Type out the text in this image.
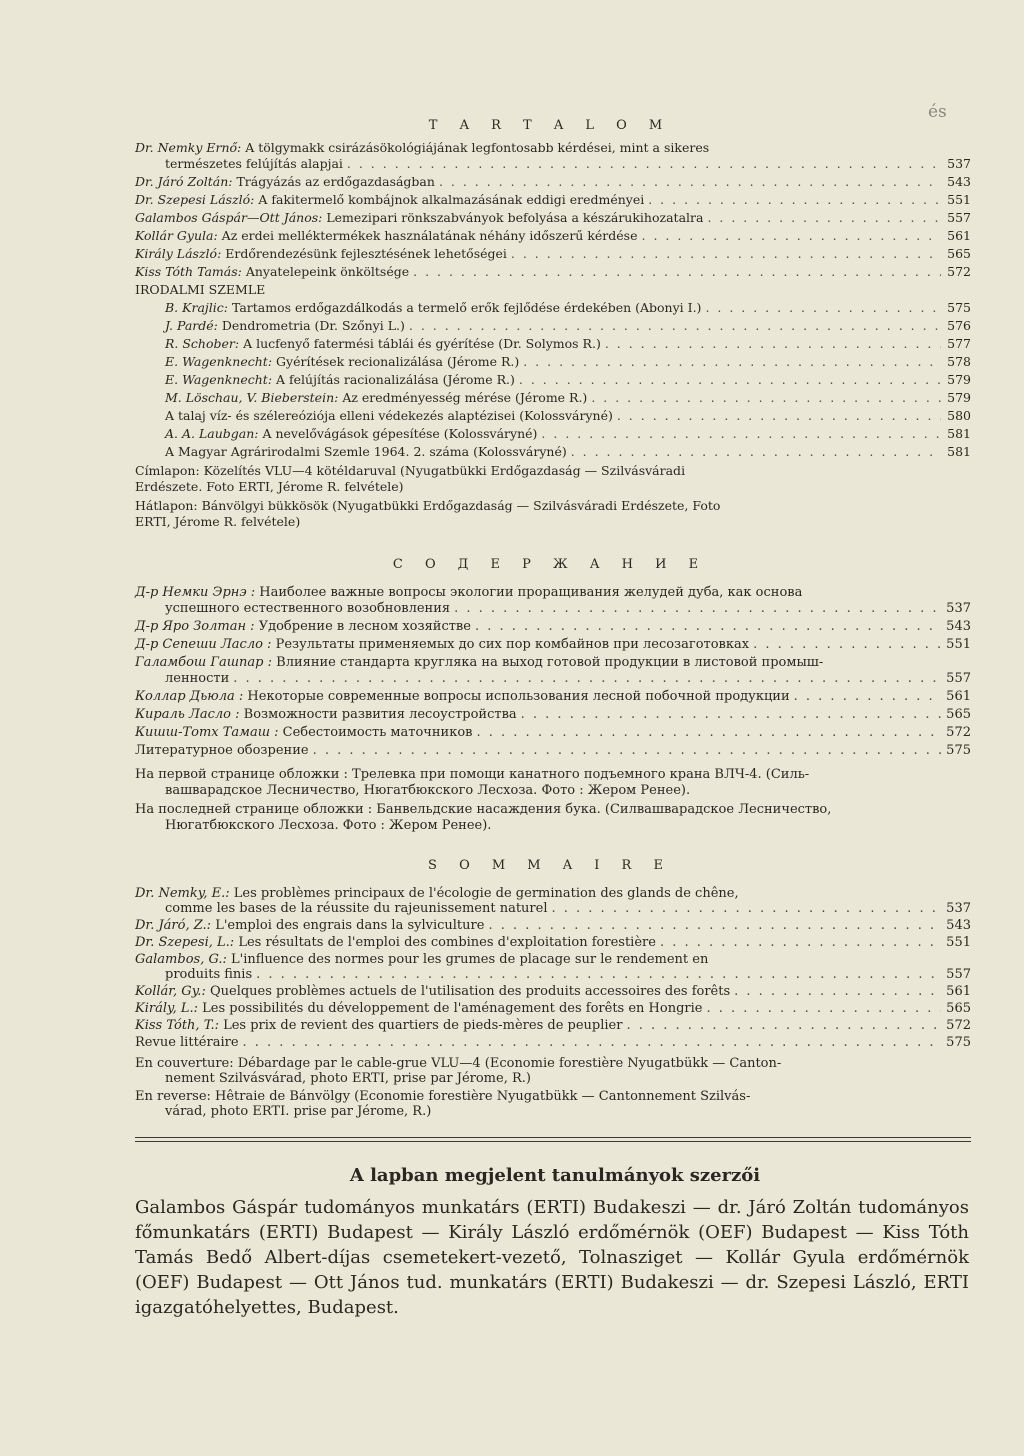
és
T A R T A L O M
Dr. Nemky Ernő: A tölgymakk csirázásökológiájának legfontosabb kérdései, mint a sikeres
természetes felújítás alapjai . . .	537
Dr. Járó Zoltán: Trágyázás az erdőgazdaságban . . .	543
Dr. Szepesi László: A fakitermelő kombájnok alkalmazásának eddigi eredményei . . .	551
Galambos Gáspár—Ott János: Lemezipari rönkszabványok befolyása a készárukihozatalra . . .	557
Kollár Gyula: Az erdei melléktermékek használatának néhány időszerű kérdése . . .	561
Király László: Erdőrendezésünk fejlesztésének lehetőségei . . .	565
Kiss Tóth Tamás: Anyatelepeink önköltsége . . .	572
IRODALMI SZEMLE
B. Krajlic: Tartamos erdőgazdálkodás a termelő erők fejlődése érdekében (Abonyi I.) . . .	575
J. Pardé: Dendrometria (Dr. Szőnyi L.) . . .	576
R. Schober: A lucfenyő fatermési táblái és gyérítése (Dr. Solymos R.) . . .	577
E. Wagenknecht: Gyérítések recionalizálása (Jérome R.) . . .	578
E. Wagenknecht: A felújítás racionalizálása (Jérome R.) . . .	579
M. Löschau, V. Bieberstein: Az eredményesség mérése (Jérome R.) . . .	579
A talaj víz- és szélereóziója elleni védekezés alaptézisei (Kolossváryné) . . .	580
A. A. Laubgan: A nevelővágások gépesítése (Kolossváryné) . . .	581
A Magyar Agrárirodalmi Szemle 1964. 2. száma (Kolossváryné) . . .	581
Címlapon: Közelítés VLU—4 kötéldaruval (Nyugatbükki Erdőgazdaság — Szilvásváradi
Erdészete. Foto ERTI, Jérome R. felvétele)
Hátlapon: Bánvölgyi bükkösök (Nyugatbükki Erdőgazdaság — Szilvásváradi Erdészete, Foto
ERTI, Jérome R. felvétele)
С О Д Е Р Ж А Н И Е
Д-р Немки Эрнэ : Наиболее важные вопросы экологии проращивания желудей дуба, как основа
успешного естественного возобновления . . .	537
Д-р Яро Золтан : Удобрение в лесном хозяйстве . . .	543
Д-р Сепеши Ласло : Результаты применяемых до сих пор комбайнов при лесозаготовках . . .	551
Галамбош Гашпар : Влияние стандарта кругляка на выход готовой продукции в листовой промыш-
ленности . . .	557
Коллар Дьюла : Некоторые современные вопросы использования лесной побочной продукции . . .	561
Кираль Ласло : Возможности развития лесоустройства . . .	565
Кишш-Тотх Тамаш : Себестоимость маточников . . .	572
Литературное обозрение . . .	575
На первой странице обложки : Трелевка при помощи канатного подъемного крана ВЛЧ-4. (Силь-
вашварадское Лесничество, Нюгатбюкского Лесхоза. Фото : Жером Ренее).
На последней странице обложки : Банвельдские насаждения бука. (Силвашварадское Лесничество,
Нюгатбюкского Лесхоза. Фото : Жером Ренее).
S O M M A I R E
Dr. Nemky, E.: Les problèmes principaux de l'écologie de germination des glands de chêne,
comme les bases de la réussite du rajeunissement naturel . . .	537
Dr. Járó, Z.: L'emploi des engrais dans la sylviculture . . .	543
Dr. Szepesi, L.: Les résultats de l'emploi des combines d'exploitation forestière . . .	551
Galambos, G.: L'influence des normes pour les grumes de placage sur le rendement en
produits finis . . .	557
Kollár, Gy.: Quelques problèmes actuels de l'utilisation des produits accessoires des forêts . . .	561
Király, L.: Les possibilités du développement de l'aménagement des forêts en Hongrie . . .	565
Kiss Tóth, T.: Les prix de revient des quartiers de pieds-mères de peuplier . . .	572
Revue littéraire . . .	575
En couverture: Débardage par le cable-grue VLU—4 (Economie forestière Nyugatbükk — Canton-
nement Szilvásvárad, photo ERTI, prise par Jérome, R.)
En reverse: Hêtraie de Bánvölgy (Economie forestière Nyugatbükk — Cantonnement Szilvás-
várad, photo ERTI. prise par Jérome, R.)
A lapban megjelent tanulmányok szerzői
Galambos Gáspár tudományos munkatárs (ERTI) Budakeszi — dr. Járó Zoltán tudományos főmunkatárs (ERTI) Budapest — Király László erdőmérnök (OEF) Budapest — Kiss Tóth Tamás Bedő Albert-díjas csemetekert-vezető, Tolnasziget — Kollár Gyula erdőmérnök (OEF) Budapest — Ott János tud. munkatárs (ERTI) Budakeszi — dr. Szepesi László, ERTI igazgatóhelyettes, Budapest.
